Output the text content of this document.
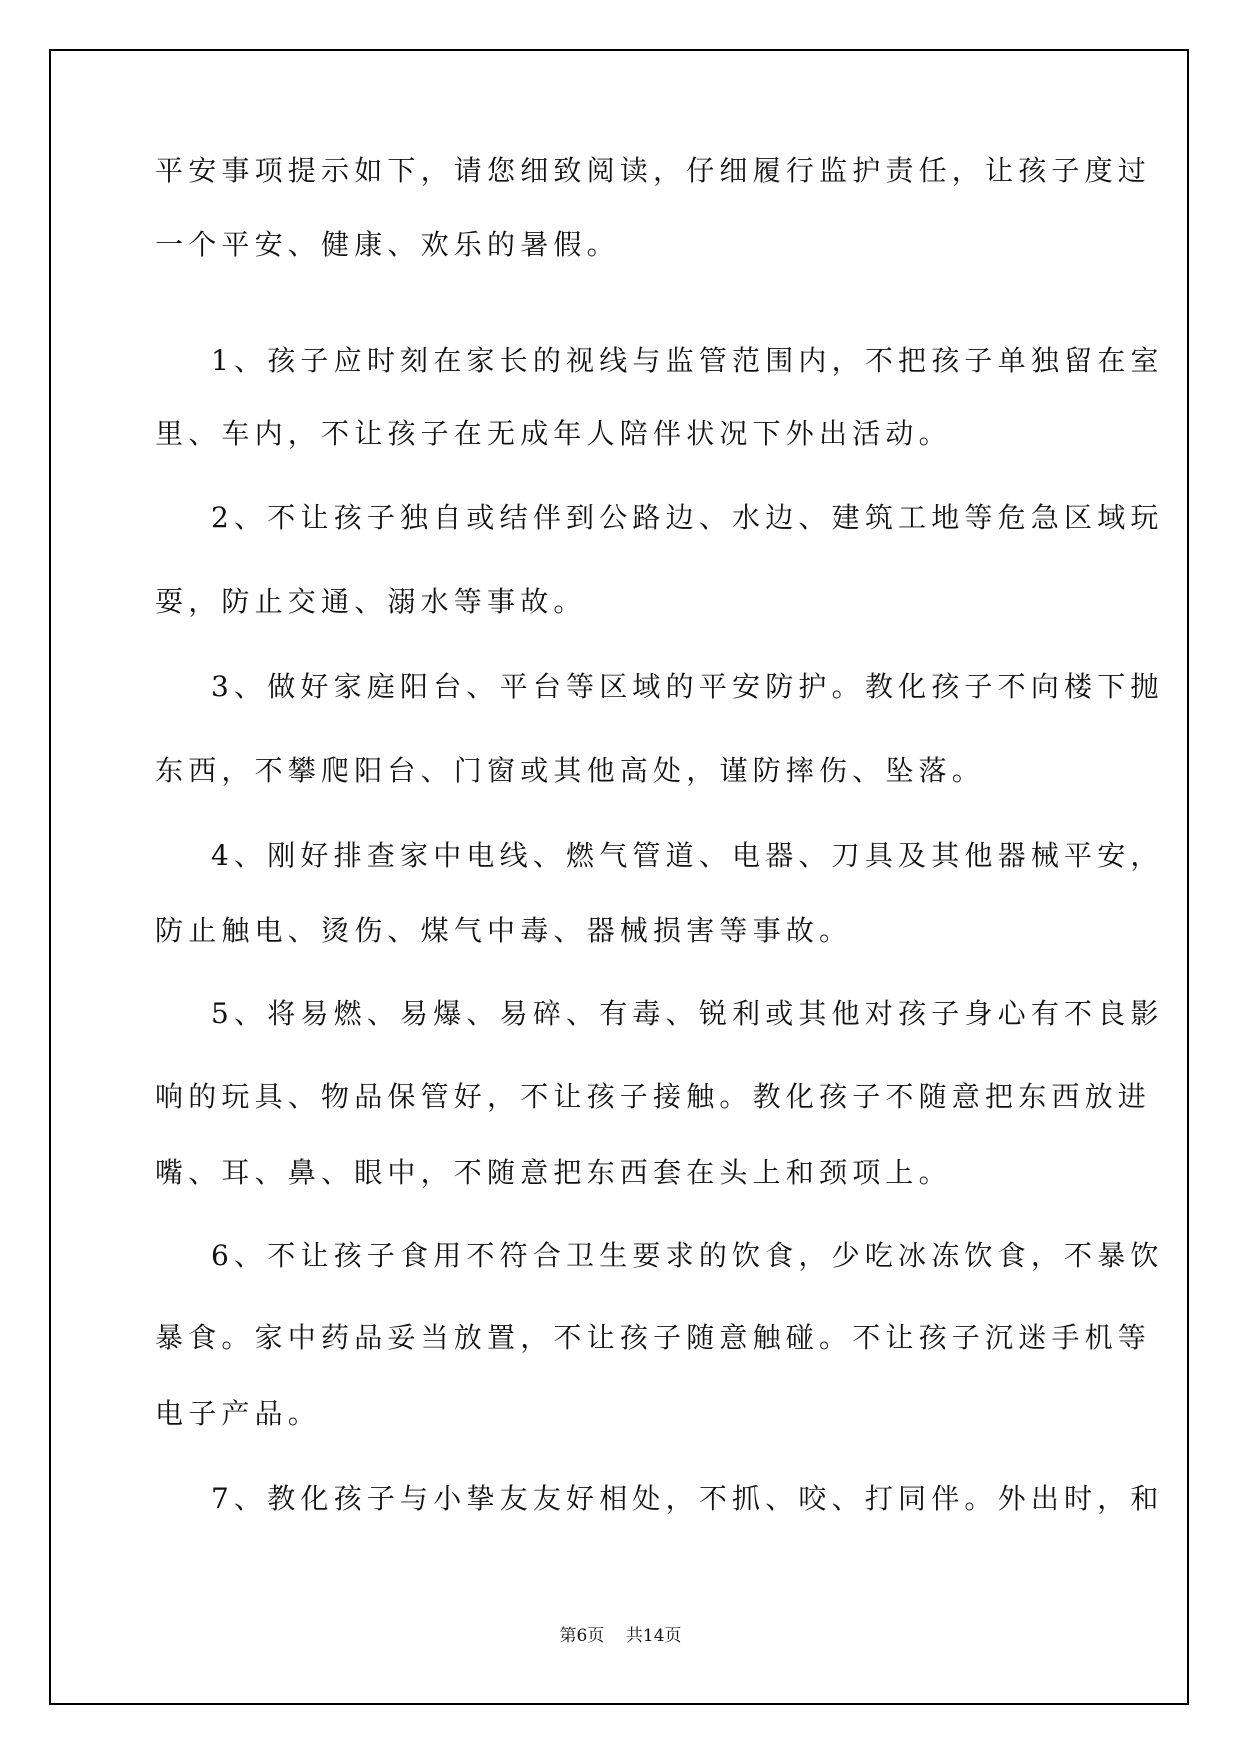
平安事项提示如下，请您细致阅读，仔细履行监护责任，让孩子度过
一个平安、健康、欢乐的暑假。
1、孩子应时刻在家长的视线与监管范围内，不把孩子单独留在室
里、车内，不让孩子在无成年人陪伴状况下外出活动。
2、不让孩子独自或结伴到公路边、水边、建筑工地等危急区域玩
耍，防止交通、溺水等事故。
3、做好家庭阳台、平台等区域的平安防护。教化孩子不向楼下抛
东西，不攀爬阳台、门窗或其他高处，谨防摔伤、坠落。
4、刚好排查家中电线、燃气管道、电器、刀具及其他器械平安，
防止触电、烫伤、煤气中毒、器械损害等事故。
5、将易燃、易爆、易碎、有毒、锐利或其他对孩子身心有不良影
响的玩具、物品保管好，不让孩子接触。教化孩子不随意把东西放进
嘴、耳、鼻、眼中，不随意把东西套在头上和颈项上。
6、不让孩子食用不符合卫生要求的饮食，少吃冰冻饮食，不暴饮
暴食。家中药品妥当放置，不让孩子随意触碰。不让孩子沉迷手机等
电子产品。
7、教化孩子与小挚友友好相处，不抓、咬、打同伴。外出时，和
第6页    共14页
